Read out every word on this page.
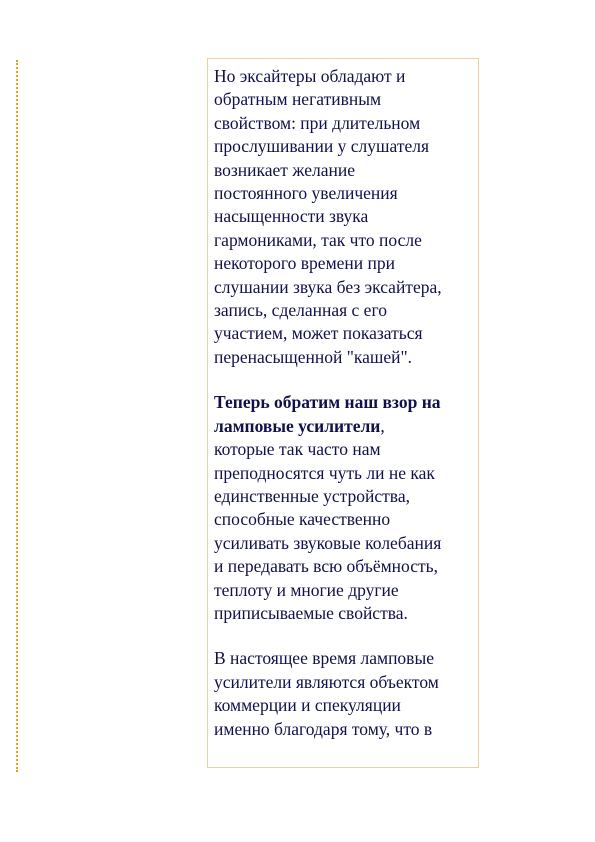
Но эксайтеры обладают и
обратным негативным
свойством: при длительном
прослушивании у слушателя
возникает желание
постоянного увеличения
насыщенности звука
гармониками, так что после
некоторого времени при
слушании звука без эксайтера,
запись, сделанная с его
участием, может показаться
перенасыщенной "кашей".

Теперь обратим наш взор на
ламповые усилители,
которые так часто нам
преподносятся чуть ли не как
единственные устройства,
способные качественно
усиливать звуковые колебания
и передавать всю объёмность,
теплоту и многие другие
приписываемые свойства.

В настоящее время ламповые
усилители являются объектом
коммерции и спекуляции
именно благодаря тому, что в
